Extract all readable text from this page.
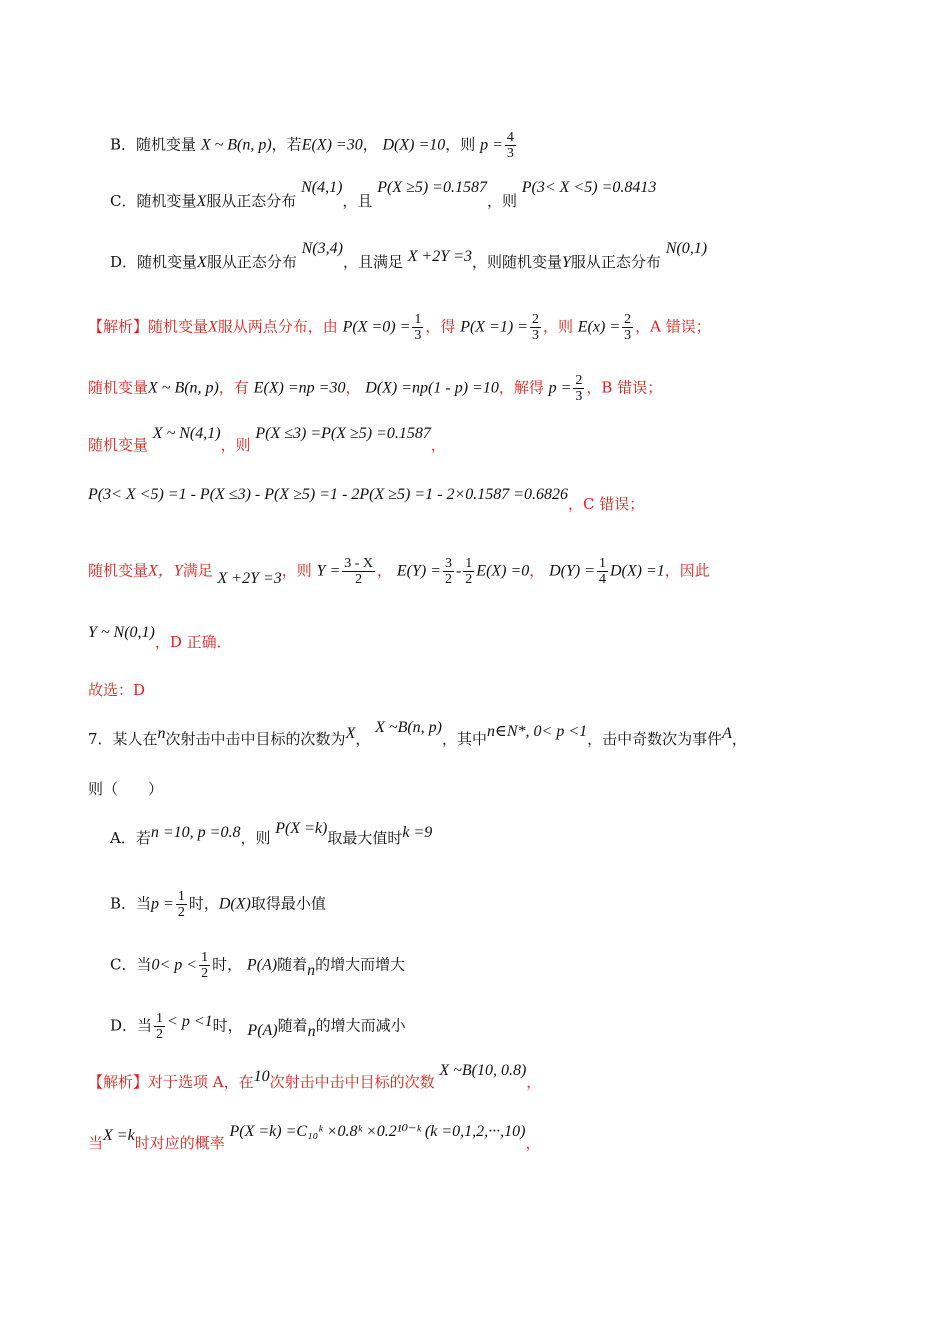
B．随机变量 X ~ B(n, p)，若E(X) =30， D(X) =10，则 $p = \frac{4}{3}$
C．随机变量X服从正态分布 N(4,1)，且 P(X ≥5) =0.1587，则 P(3< X <5) =0.8413
D．随机变量X服从正态分布 N(3,4)，且满足 X +2Y =3，则随机变量Y服从正态分布 N(0,1)
【解析】随机变量X服从两点分布，由 $P(X =0) = \frac{1}{3}$ ，得 $P(X =1) = \frac{2}{3}$ ，则 $E(x) = \frac{2}{3}$ ，A 错误；
随机变量X ~ B(n, p)，有 E(X) =np =30， D(X) =np(1 - p) =10，解得 $p = \frac{2}{3}$ ，B 错误；
随机变量 X ~ N(4,1)，则 P(X ≤3) =P(X ≥5) =0.1587，
P(3< X <5) =1 - P(X ≤3) - P(X ≥5) =1 - 2P(X ≥5) =1 - 2×0.1587 =0.6826，C 错误；
随机变量X，Y满足 X +2Y =3，则 $Y = \frac{3 - X}{2}$ ， $E(Y) = \frac{3}{2} - \frac{1}{2} E(X) =0$， $D(Y) = \frac{1}{4} D(X) =1$，因此
Y ~ N(0,1)，D 正确．
故选：D
7．某人在n次射击中击中目标的次数为X， X ~B(n, p)，其中n∈N*, 0< p <1，击中奇数次为事件A，
则（　　）
A．若n =10, p =0.8，则 P(X =k)取最大值时k =9
B．当$p = \frac{1}{2}$ 时，D(X)取得最小值
C．当$0< p < \frac{1}{2}$ 时， P(A)随着n的增大而增大
D．当 $\frac{1}{2} < p <1$时， P(A)随着n的增大而减小
【解析】对于选项 A，在10次射击中击中目标的次数 X ~B(10, 0.8)，
当X =k时对应的概率 P(X =k) =C₁₀ᵏ ×0.8ᵏ ×0.2¹⁰⁻ᵏ (k =0,1,2,···,10)，
